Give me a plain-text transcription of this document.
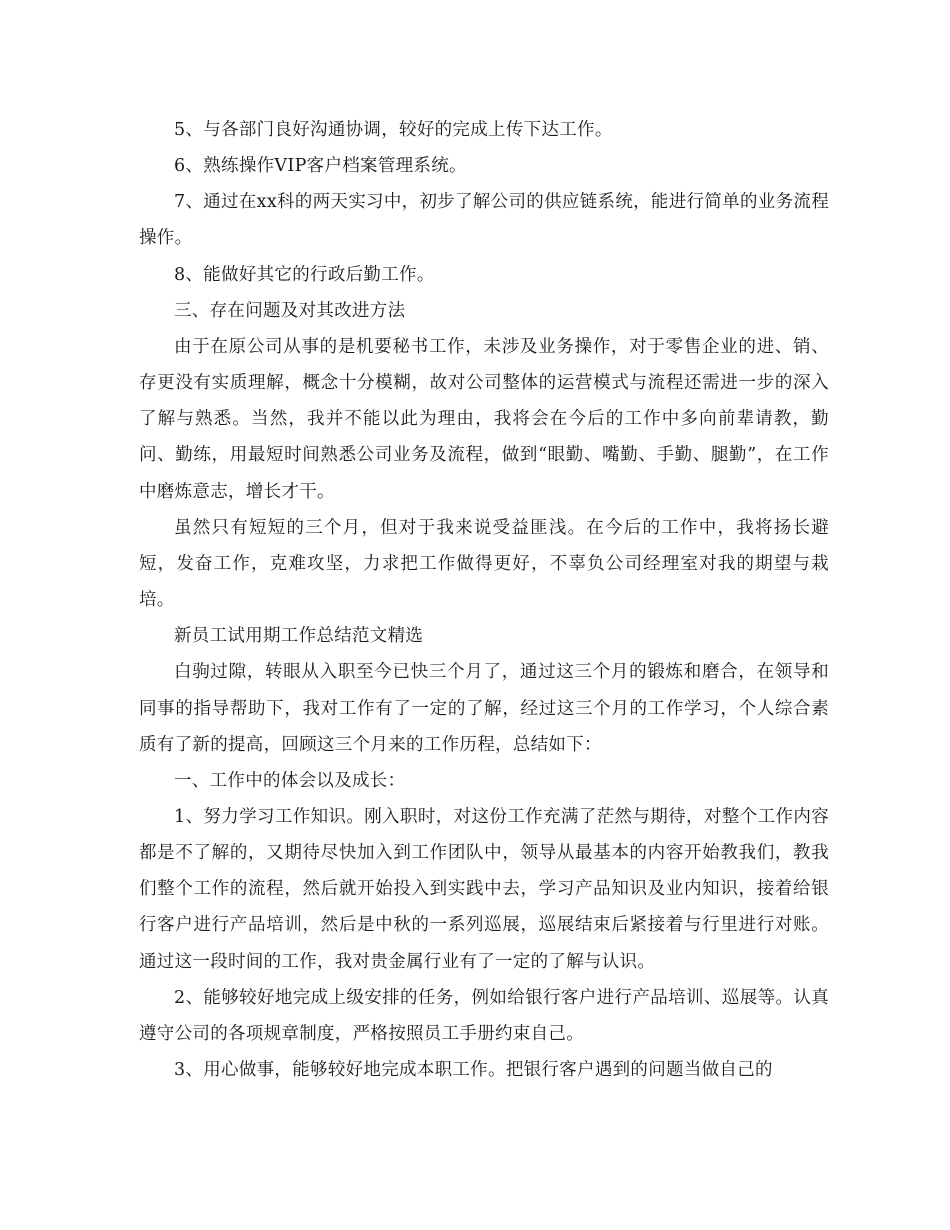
5、与各部门良好沟通协调，较好的完成上传下达工作。

6、熟练操作VIP客户档案管理系统。

7、通过在xx科的两天实习中，初步了解公司的供应链系统，能进行简单的业务流程操作。

8、能做好其它的行政后勤工作。

三、存在问题及对其改进方法

由于在原公司从事的是机要秘书工作，未涉及业务操作，对于零售企业的进、销、存更没有实质理解，概念十分模糊，故对公司整体的运营模式与流程还需进一步的深入了解与熟悉。当然，我并不能以此为理由，我将会在今后的工作中多向前辈请教，勤问、勤练，用最短时间熟悉公司业务及流程，做到“眼勤、嘴勤、手勤、腿勤”，在工作中磨炼意志，增长才干。

虽然只有短短的三个月，但对于我来说受益匪浅。在今后的工作中，我将扬长避短，发奋工作，克难攻坚，力求把工作做得更好，不辜负公司经理室对我的期望与栽培。

新员工试用期工作总结范文精选

白驹过隙，转眼从入职至今已快三个月了，通过这三个月的锻炼和磨合，在领导和同事的指导帮助下，我对工作有了一定的了解，经过这三个月的工作学习，个人综合素质有了新的提高，回顾这三个月来的工作历程，总结如下：

一、工作中的体会以及成长：

1、努力学习工作知识。刚入职时，对这份工作充满了茫然与期待，对整个工作内容都是不了解的，又期待尽快加入到工作团队中，领导从最基本的内容开始教我们，教我们整个工作的流程，然后就开始投入到实践中去，学习产品知识及业内知识，接着给银行客户进行产品培训，然后是中秋的一系列巡展，巡展结束后紧接着与行里进行对账。通过这一段时间的工作，我对贵金属行业有了一定的了解与认识。

2、能够较好地完成上级安排的任务，例如给银行客户进行产品培训、巡展等。认真遵守公司的各项规章制度，严格按照员工手册约束自己。

3、用心做事，能够较好地完成本职工作。把银行客户遇到的问题当做自己的
